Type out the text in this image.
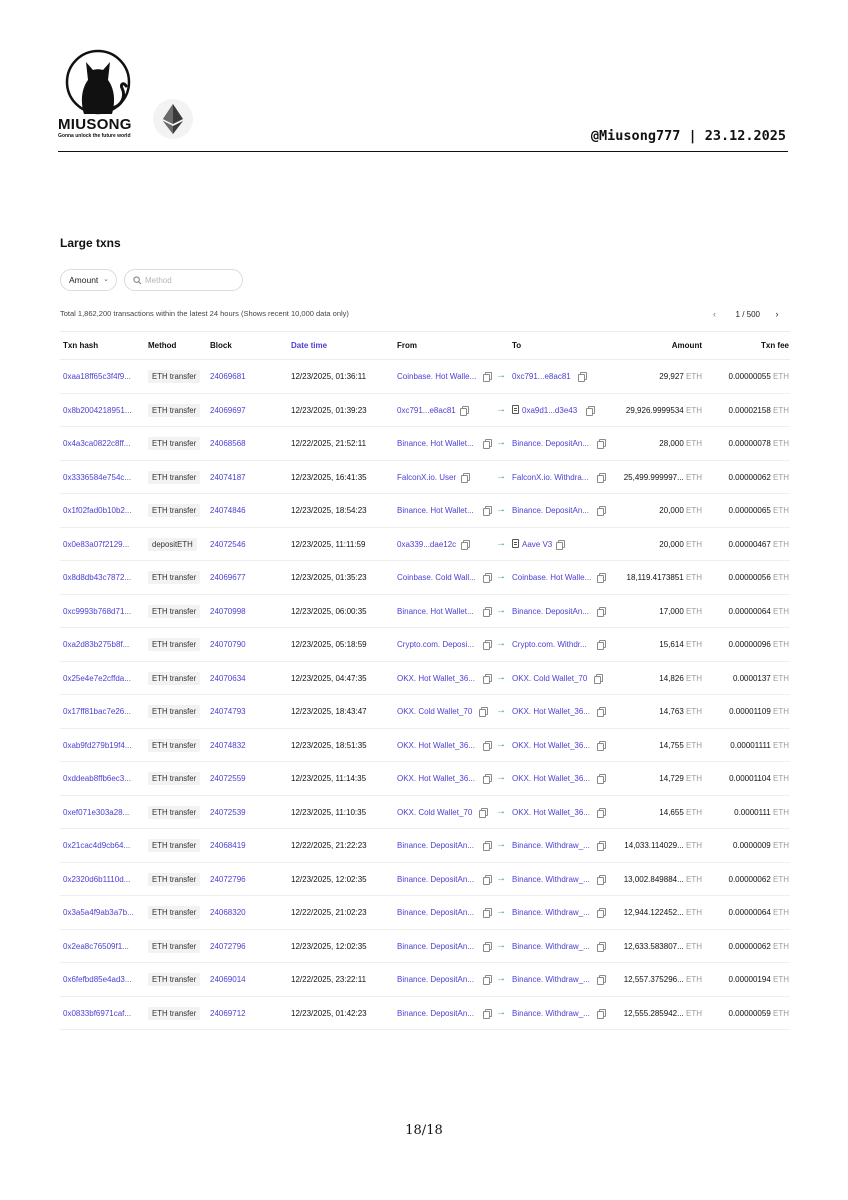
MIUSONG
Gonna unlock the future world	@Miusong777 | 23.12.2025
Large txns
Amount ⌄
Method
Total 1,862,200 transactions within the latest 24 hours (Shows recent 10,000 data only)	‹	1 / 500	›
Txn hash	Method	Block	Date time	From	To	Amount	Txn fee
0xaa18ff65c3f4f9...	ETH transfer	24069681	12/23/2025, 01:36:11	Coinbase. Hot Walle... → 0xc791...e8ac81	29,927 ETH	0.00000055 ETH
0x8b2004218951...	ETH transfer	24069697	12/23/2025, 01:39:23	0xc791...e8ac81	→ 0xa9d1...d3e43	29,926.9999534 ETH	0.00002158 ETH
0x4a3ca0822c8ff...	ETH transfer	24068568	12/22/2025, 21:52:11	Binance. Hot Wallet... → Binance. DepositAn...	28,000 ETH	0.00000078 ETH
0x3336584e754c...	ETH transfer	24074187	12/23/2025, 16:41:35	FalconX.io. User	→ FalconX.io. Withdra...	25,499.999997... ETH	0.00000062 ETH
0x1f02fad0b10b2...	ETH transfer	24074846	12/23/2025, 18:54:23	Binance. Hot Wallet... → Binance. DepositAn...	20,000 ETH	0.00000065 ETH
0x0e83a07f2129...	depositETH	24072546	12/23/2025, 11:11:59	0xa339...dae12c	→ Aave V3	20,000 ETH	0.00000467 ETH
0x8d8db43c7872...	ETH transfer	24069677	12/23/2025, 01:35:23	Coinbase. Cold Wall... → Coinbase. Hot Walle...	18,119.4173851 ETH	0.00000056 ETH
0xc9993b768d71...	ETH transfer	24070998	12/23/2025, 06:00:35	Binance. Hot Wallet... → Binance. DepositAn...	17,000 ETH	0.00000064 ETH
0xa2d83b275b8f...	ETH transfer	24070790	12/23/2025, 05:18:59	Crypto.com. Deposi... → Crypto.com. Withdr...	15,614 ETH	0.00000096 ETH
0x25e4e7e2cffda...	ETH transfer	24070634	12/23/2025, 04:47:35	OKX. Hot Wallet_36... → OKX. Cold Wallet_70	14,826 ETH	0.0000137 ETH
0x17ff81bac7e26...	ETH transfer	24074793	12/23/2025, 18:43:47	OKX. Cold Wallet_70 → OKX. Hot Wallet_36...	14,763 ETH	0.00001109 ETH
0xab9fd279b19f4...	ETH transfer	24074832	12/23/2025, 18:51:35	OKX. Hot Wallet_36... → OKX. Hot Wallet_36...	14,755 ETH	0.00001111 ETH
0xddeab8ffb6ec3...	ETH transfer	24072559	12/23/2025, 11:14:35	OKX. Hot Wallet_36... → OKX. Hot Wallet_36...	14,729 ETH	0.00001104 ETH
0xef071e303a28...	ETH transfer	24072539	12/23/2025, 11:10:35	OKX. Cold Wallet_70 → OKX. Hot Wallet_36...	14,655 ETH	0.0000111 ETH
0x21cac4d9cb64...	ETH transfer	24068419	12/22/2025, 21:22:23	Binance. DepositAn... → Binance. Withdraw_...	14,033.114029... ETH	0.0000009 ETH
0x2320d6b1110d...	ETH transfer	24072796	12/23/2025, 12:02:35	Binance. DepositAn... → Binance. Withdraw_...	13,002.849884... ETH	0.00000062 ETH
0x3a5a4f9ab3a7b...	ETH transfer	24068320	12/22/2025, 21:02:23	Binance. DepositAn... → Binance. Withdraw_...	12,944.122452... ETH	0.00000064 ETH
0x2ea8c76509f1...	ETH transfer	24072796	12/23/2025, 12:02:35	Binance. DepositAn... → Binance. Withdraw_...	12,633.583807... ETH	0.00000062 ETH
0x6fefbd85e4ad3...	ETH transfer	24069014	12/22/2025, 23:22:11	Binance. DepositAn... → Binance. Withdraw_...	12,557.375296... ETH	0.00000194 ETH
0x0833bf6971caf...	ETH transfer	24069712	12/23/2025, 01:42:23	Binance. DepositAn... → Binance. Withdraw_...	12,555.285942... ETH	0.00000059 ETH
18/18
